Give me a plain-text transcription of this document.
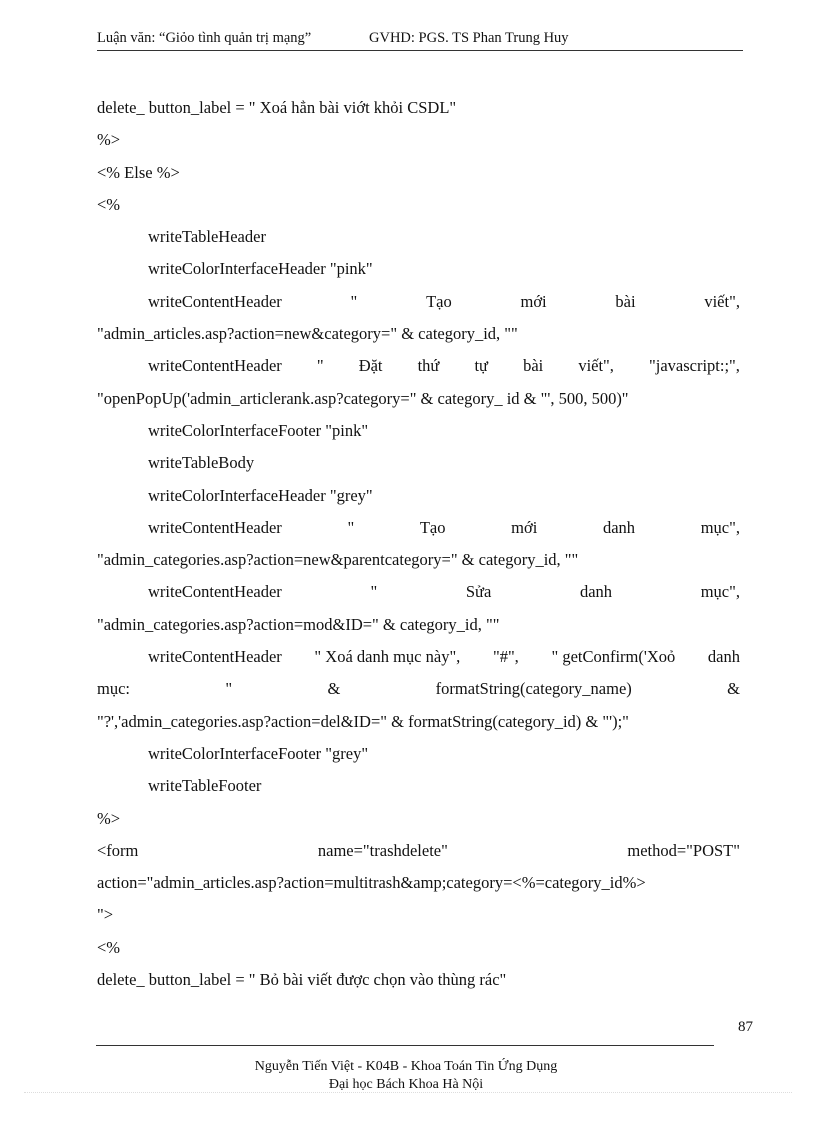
Luận văn: “Giỏo tình quản trị mạng”	GVHD: PGS. TS Phan Trung Huy
delete_ button_label = " Xoá hẳn bài viớt khỏi CSDL"
%>
<% Else %>
<%
writeTableHeader
writeColorInterfaceHeader "pink"
writeContentHeader	"	Tạo	mới	bài	viết",
"admin_articles.asp?action=new&category=" & category_id, ""
writeContentHeader " Đặt thứ tự bài viết", "javascript:;",
"openPopUp('admin_articlerank.asp?category=" & category_ id & "', 500, 500)"
writeColorInterfaceFooter "pink"
writeTableBody
writeColorInterfaceHeader "grey"
writeContentHeader	"	Tạo	mới	danh	mục",
"admin_categories.asp?action=new&parentcategory=" & category_id, ""
writeContentHeader	"	Sửa	danh	mục",
"admin_categories.asp?action=mod&ID=" & category_id, ""
writeContentHeader " Xoá danh mục này", "#", " getConfirm('Xoỏ danh
mục:	"	&	formatString(category_name)	&
"?','admin_categories.asp?action=del&ID=" & formatString(category_id) & "');"
writeColorInterfaceFooter "grey"
writeTableFooter
%>
<form	name="trashdelete"	method="POST"
action="admin_articles.asp?action=multitrash&amp;category=<%=category_id%>
">
<%
delete_ button_label = " Bỏ bài viết được chọn vào thùng rác"
87
Nguyễn Tiến Việt - K04B - Khoa Toán Tin Ứng Dụng
Đại học Bách Khoa Hà Nội
